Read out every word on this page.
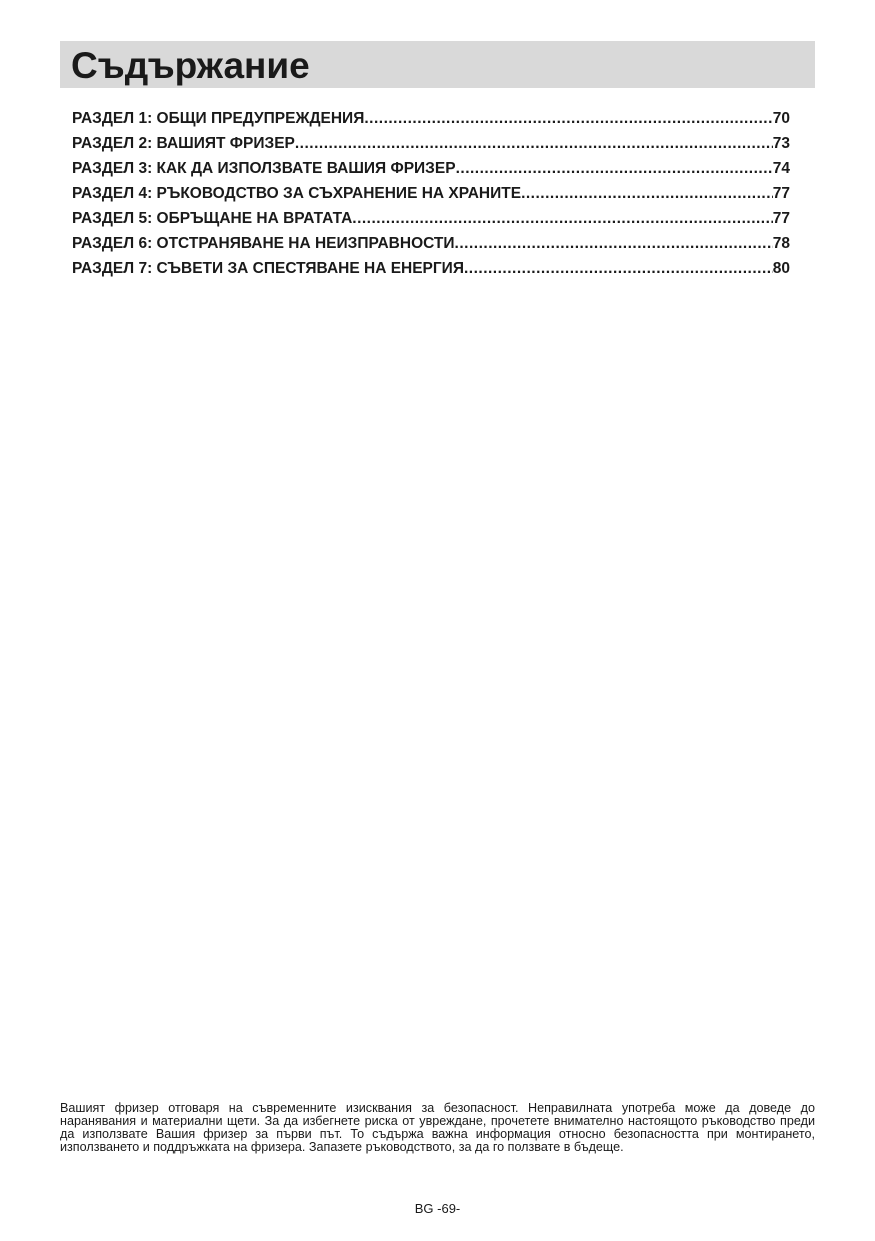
Съдържание
РАЗДЕЛ 1: ОБЩИ ПРЕДУПРЕЖДЕНИЯ .....	70
РАЗДЕЛ 2: ВАШИЯТ ФРИЗЕР .....	73
РАЗДЕЛ 3: КАК ДА ИЗПОЛЗВАТЕ ВАШИЯ ФРИЗЕР .....	74
РАЗДЕЛ 4: РЪКОВОДСТВО ЗА СЪХРАНЕНИЕ НА ХРАНИТЕ .....	77
РАЗДЕЛ 5: ОБРЪЩАНЕ НА ВРАТАТА .....	77
РАЗДЕЛ 6: ОТСТРАНЯВАНЕ НА НЕИЗПРАВНОСТИ .....	78
РАЗДЕЛ 7: СЪВЕТИ ЗА СПЕСТЯВАНЕ НА ЕНЕРГИЯ .....	80

Вашият фризер отговаря на съвременните изисквания за безопасност. Неправилната употреба може да доведе до наранявания и материални щети. За да избегнете риска от увреждане, прочетете внимателно настоящото ръководство преди да използвате Вашия фризер за първи път. То съдържа важна информация относно безопасността при монтирането, използването и поддръжката на фризера. Запазете ръководството, за да го ползвате в бъдеще.

BG -69-
